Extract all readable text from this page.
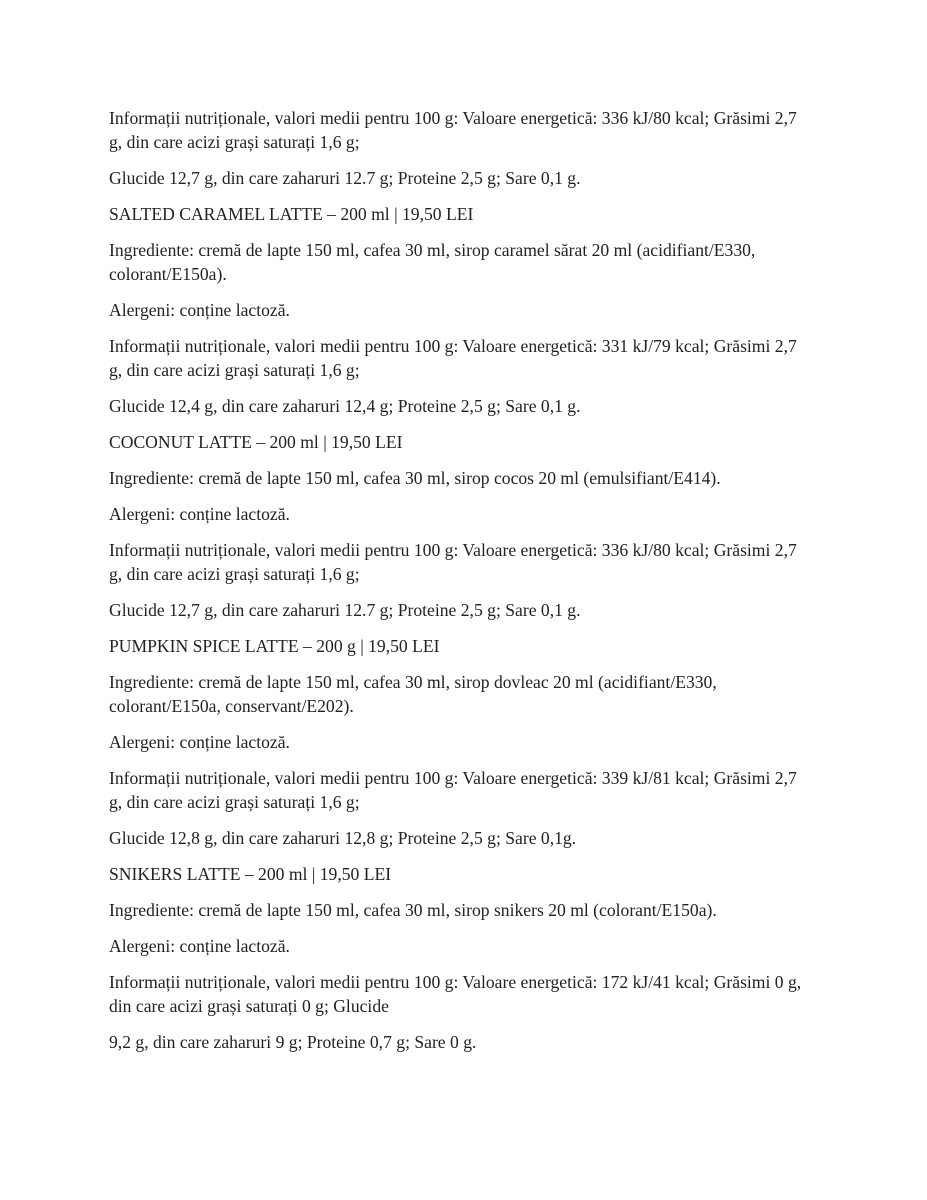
Informații nutriționale, valori medii pentru 100 g: Valoare energetică: 336 kJ/80 kcal; Grăsimi 2,7 g, din care acizi grași saturați 1,6 g;

Glucide 12,7 g, din care zaharuri 12.7 g; Proteine 2,5 g; Sare 0,1 g.

SALTED CARAMEL LATTE – 200 ml | 19,50 LEI

Ingrediente: cremă de lapte 150 ml, cafea 30 ml, sirop caramel sărat 20 ml (acidifiant/E330, colorant/E150a).

Alergeni: conține lactoză.

Informații nutriționale, valori medii pentru 100 g: Valoare energetică: 331 kJ/79 kcal; Grăsimi 2,7 g, din care acizi grași saturați 1,6 g;

Glucide 12,4 g, din care zaharuri 12,4 g; Proteine 2,5 g; Sare 0,1 g.

COCONUT LATTE – 200 ml | 19,50 LEI

Ingrediente: cremă de lapte 150 ml, cafea 30 ml, sirop cocos 20 ml (emulsifiant/E414).

Alergeni: conține lactoză.

Informații nutriționale, valori medii pentru 100 g: Valoare energetică: 336 kJ/80 kcal; Grăsimi 2,7 g, din care acizi grași saturați 1,6 g;

Glucide 12,7 g, din care zaharuri 12.7 g; Proteine 2,5 g; Sare 0,1 g.

PUMPKIN SPICE LATTE – 200 g | 19,50 LEI

Ingrediente: cremă de lapte 150 ml, cafea 30 ml, sirop dovleac 20 ml (acidifiant/E330, colorant/E150a, conservant/E202).

Alergeni: conține lactoză.

Informații nutriționale, valori medii pentru 100 g: Valoare energetică: 339 kJ/81 kcal; Grăsimi 2,7 g, din care acizi grași saturați 1,6 g;

Glucide 12,8 g, din care zaharuri 12,8 g; Proteine 2,5 g; Sare 0,1g.

SNIKERS LATTE – 200 ml | 19,50 LEI

Ingrediente: cremă de lapte 150 ml, cafea 30 ml, sirop snikers 20 ml (colorant/E150a).

Alergeni: conține lactoză.

Informații nutriționale, valori medii pentru 100 g: Valoare energetică: 172 kJ/41 kcal; Grăsimi 0 g, din care acizi grași saturați 0 g; Glucide

9,2 g, din care zaharuri 9 g; Proteine 0,7 g; Sare 0 g.
